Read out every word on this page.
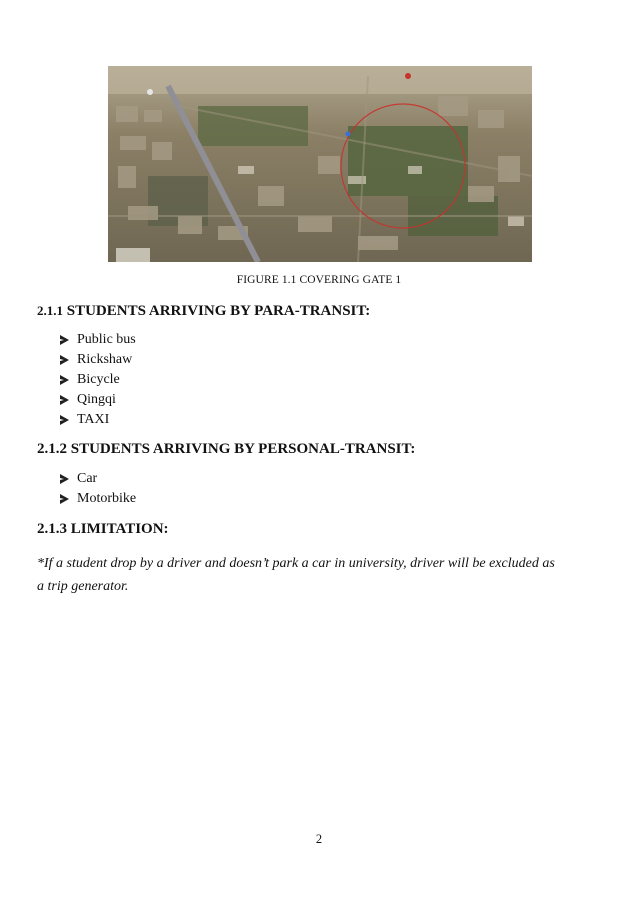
FIGURE 1.1 COVERING GATE 1
2.1.1 STUDENTS ARRIVING BY PARA-TRANSIT:
Public bus
Rickshaw
Bicycle
Qingqi
TAXI
2.1.2 STUDENTS ARRIVING BY PERSONAL-TRANSIT:
Car
Motorbike
2.1.3 LIMITATION:

*If a student drop by a driver and doesn’t park a car in university, driver will be excluded as a trip generator.

2
